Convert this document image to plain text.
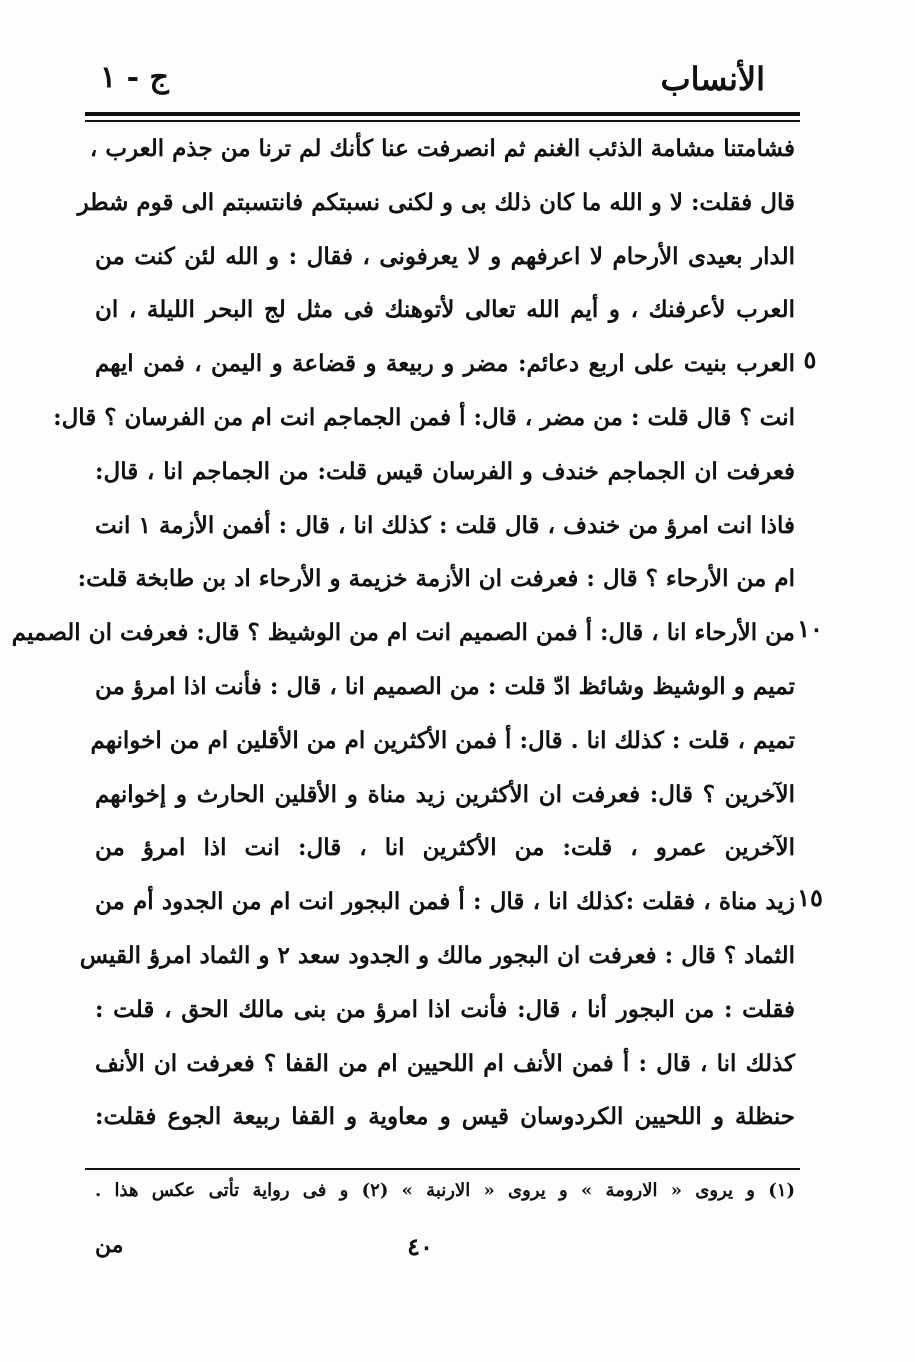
الأنساب
ج - ١
فشامتنا مشامة الذئب الغنم ثم انصرفت عنا كأنك لم ترنا من جذم العرب ،
قال فقلت: لا و الله ما كان ذلك بى و لكنى نسبتكم فانتسبتم الى قوم شطر
الدار بعيدى الأرحام لا اعرفهم و لا يعرفونى ، فقال : و الله لئن كنت من
العرب لأعرفنك ، و أيم الله تعالى لأتوهنك فى مثل لج البحر الليلة ، ان
العرب بنيت على اربع دعائم: مضر و ربيعة و قضاعة و اليمن ، فمن ايهم
انت ؟ قال قلت : من مضر ، قال: أ فمن الجماجم انت ام من الفرسان ؟ قال:
فعرفت ان الجماجم خندف و الفرسان قيس قلت: من الجماجم انا ، قال:
فاذا انت امرؤ من خندف ، قال قلت : كذلك انا ، قال : أفمن الأزمة ١ انت
ام من الأرحاء ؟ قال : فعرفت ان الأزمة خزيمة و الأرحاء اد بن طابخة قلت:
من الأرحاء انا ، قال: أ فمن الصميم انت ام من الوشيظ ؟ قال: فعرفت ان الصميم
تميم و الوشيظ وشائظ ادّ قلت : من الصميم انا ، قال : فأنت اذا امرؤ من
تميم ، قلت : كذلك انا . قال: أ فمن الأكثرين ام من الأقلين ام من اخوانهم
الآخرين ؟ قال: فعرفت ان الأكثرين زيد مناة و الأقلين الحارث و إخوانهم
الآخرين عمرو ، قلت: من الأكثرين انا ، قال: انت اذا امرؤ من
زيد مناة ، فقلت :كذلك انا ، قال : أ فمن البجور انت ام من الجدود أم من
الثماد ؟ قال : فعرفت ان البجور مالك و الجدود سعد ٢ و الثماد امرؤ القيس
فقلت : من البجور أنا ، قال: فأنت اذا امرؤ من بنى مالك الحق ، قلت :
كذلك انا ، قال : أ فمن الأنف ام اللحيين ام من القفا ؟ فعرفت ان الأنف
حنظلة و اللحيين الكردوسان قيس و معاوية و القفا ربيعة الجوع فقلت:
٥
١٠
١٥
(١) و يروى « الارومة » و يروى « الارنبة » (٢) و فى رواية تأتى عكس هذا .
٤٠
من
